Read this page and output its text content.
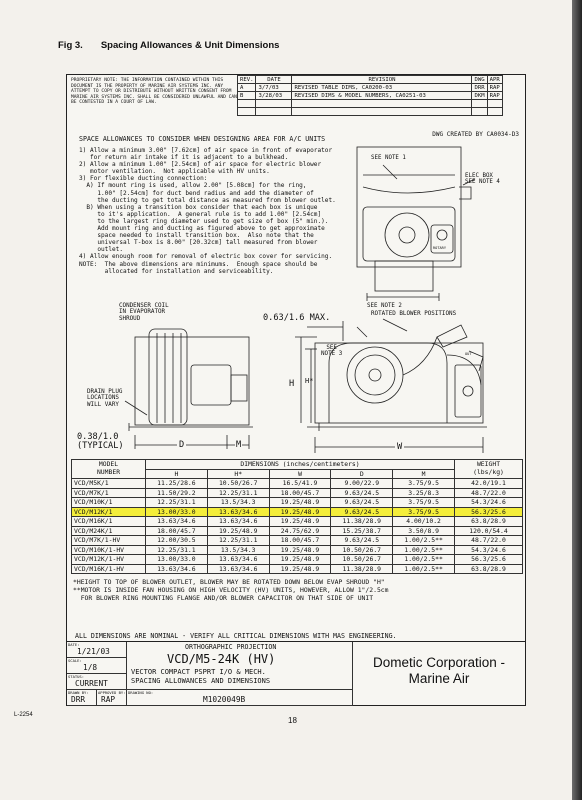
Fig 3. Spacing Allowances & Unit Dimensions
PROPRIETARY NOTE: THE INFORMATION CONTAINED WITHIN THIS DOCUMENT IS THE PROPERTY OF MARINE AIR SYSTEMS INC. ANY ATTEMPT TO COPY OR DISTRIBUTE WITHOUT WRITTEN CONSENT FROM MARINE AIR SYSTEMS INC. SHALL BE CONSIDERED UNLAWFUL AND CAN BE CONTESTED IN A COURT OF LAW.
REV.	DATE	REVISION	DWG	APR
A	3/7/03	REVISED TABLE DIMS, CA0200-03	DRR	RAP
B	3/28/03	REVISED DIMS & MODEL NUMBERS, CA0251-03	DKM	RAP

DWG CREATED BY CA0034-D3
SPACE ALLOWANCES TO CONSIDER WHEN DESIGNING AREA FOR A/C UNITS
1) Allow a minimum 3.00" [7.62cm] of air space in front of evaporator
for return air intake if it is adjacent to a bulkhead.
2) Allow a minimum 1.00" [2.54cm] of air space for electric blower
motor ventilation.  Not applicable with HV units.
3) For flexible ducting connection:
A) If mount ring is used, allow 2.00" [5.08cm] for the ring,
1.00" [2.54cm] for duct bend radius and add the diameter of
the ducting to get total distance as measured from blower outlet.
B) When using a transition box consider that each box is unique
to it's application.  A general rule is to add 1.00" [2.54cm]
to the largest ring diameter used to get size of box (5" min.).
Add mount ring and ducting as figured above to get approximate
space needed to install transition box.  Also note that the
universal T-box is 8.00" [20.32cm] tall measured from blower
outlet.
4) Allow enough room for removal of electric box cover for servicing.
NOTE:  The above dimensions are minimums.  Enough space should be
allocated for installation and serviceability.
SEE NOTE 1
ELEC BOX
SEE NOTE 4
ROTARY
SEE NOTE 2
CONDENSER COIL
IN EVAPORATOR
SHROUD	0.63/1.6 MAX.	ROTATED BLOWER POSITIONS
SEE
NOTE 3	OUT
H H*
DRAIN PLUG
LOCATIONS
WILL VARY
0.38/1.0
(TYPICAL)	D	M	W
MODEL
NUMBER	DIMENSIONS (inches/centimeters)					WEIGHT
(lbs/kg)
	H	H*	W	D	M	
VCD/M5K/1	11.25/28.6	10.50/26.7	16.5/41.9	9.00/22.9	3.75/9.5	42.0/19.1
VCD/M7K/1	11.50/29.2	12.25/31.1	18.00/45.7	9.63/24.5	3.25/8.3	48.7/22.0
VCD/M10K/1	12.25/31.1	13.5/34.3	19.25/48.9	9.63/24.5	3.75/9.5	54.3/24.6
VCD/M12K/1	13.00/33.0	13.63/34.6	19.25/48.9	9.63/24.5	3.75/9.5	56.3/25.6
VCD/M16K/1	13.63/34.6	13.63/34.6	19.25/48.9	11.38/28.9	4.00/10.2	63.8/28.9
VCD/M24K/1	18.00/45.7	19.25/48.9	24.75/62.9	15.25/38.7	3.50/8.9	120.0/54.4
VCD/M7K/1-HV	12.00/30.5	12.25/31.1	18.00/45.7	9.63/24.5	1.00/2.5**	48.7/22.0
VCD/M10K/1-HV	12.25/31.1	13.5/34.3	19.25/48.9	10.50/26.7	1.00/2.5**	54.3/24.6
VCD/M12K/1-HV	13.00/33.0	13.63/34.6	19.25/48.9	10.50/26.7	1.00/2.5**	56.3/25.6
VCD/M16K/1-HV	13.63/34.6	13.63/34.6	19.25/48.9	11.38/28.9	1.00/2.5**	63.8/28.9
*HEIGHT TO TOP OF BLOWER OUTLET, BLOWER MAY BE ROTATED DOWN BELOW EVAP SHROUD "H"
**MOTOR IS INSIDE FAN HOUSING ON HIGH VELOCITY (HV) UNITS, HOWEVER, ALLOW 1"/2.5cm
FOR BLOWER RING MOUNTING FLANGE AND/OR BLOWER CAPACITOR ON THAT SIDE OF UNIT
ALL DIMENSIONS ARE NOMINAL - VERIFY ALL CRITICAL DIMENSIONS WITH MAS ENGINEERING.
DATE:
1/21/03
SCALE:
1/8
STATUS:
CURRENT
DRAWN BY:
DRR
APPROVED BY:
RAP
ORTHOGRAPHIC PROJECTION
VCD/M5-24K (HV)
VECTOR COMPACT PSPRT I/O & MECH.
SPACING ALLOWANCES AND DIMENSIONS
DRAWING NO:
M1020049B
Dometic Corporation -
Marine Air
L-2254
18
